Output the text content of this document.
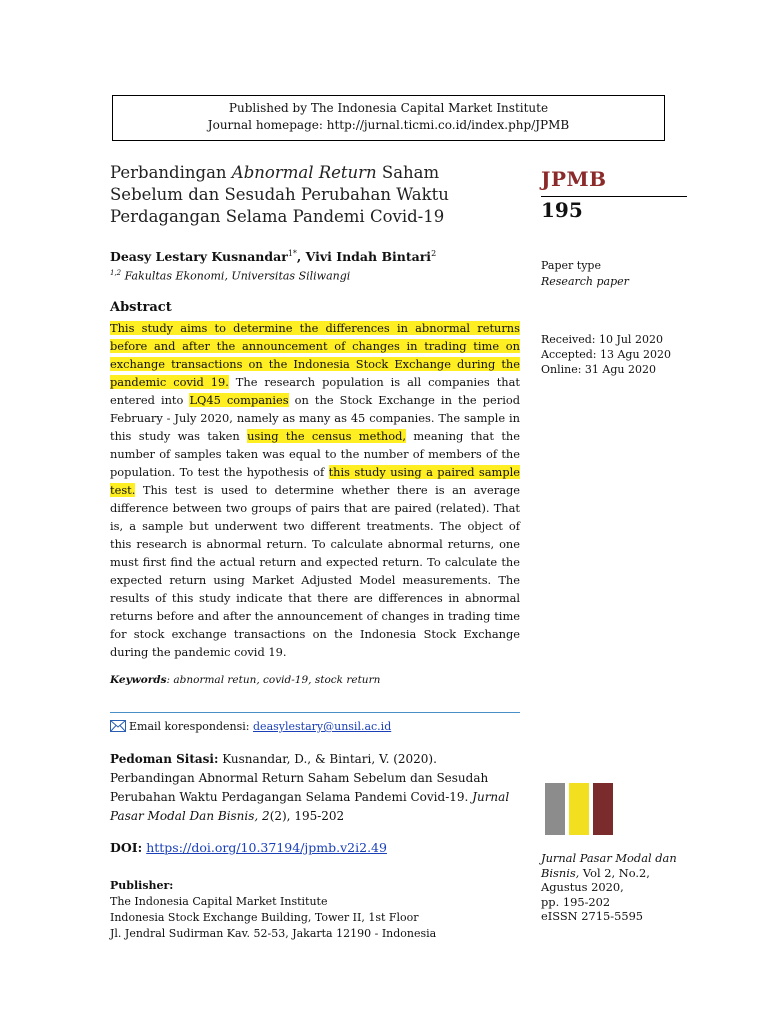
Published by The Indonesia Capital Market Institute
Journal homepage: http://jurnal.ticmi.co.id/index.php/JPMB
Perbandingan Abnormal Return Saham Sebelum dan Sesudah Perubahan Waktu Perdagangan Selama Pandemi Covid-19
Deasy Lestary Kusnandar$^{1*}$, Vivi Indah Bintari$^2$
$^{1,2}$ Fakultas Ekonomi, Universitas Siliwangi
Abstract
This study aims to determine the differences in abnormal returns before and after the announcement of changes in trading time on exchange transactions on the Indonesia Stock Exchange during the pandemic covid 19. The research population is all companies that entered into LQ45 companies on the Stock Exchange in the period February - July 2020, namely as many as 45 companies. The sample in this study was taken using the census method, meaning that the number of samples taken was equal to the number of members of the population. To test the hypothesis of this study using a paired sample test. This test is used to determine whether there is an average difference between two groups of pairs that are paired (related). That is, a sample but underwent two different treatments. The object of this research is abnormal return. To calculate abnormal returns, one must first find the actual return and expected return. To calculate the expected return using Market Adjusted Model measurements. The results of this study indicate that there are differences in abnormal returns before and after the announcement of changes in trading time for stock exchange transactions on the Indonesia Stock Exchange during the pandemic covid 19.
Keywords: abnormal retun, covid-19, stock return
Email korespondensi: deasylestary@unsil.ac.id
Pedoman Sitasi: Kusnandar, D., & Bintari, V. (2020). Perbandingan Abnormal Return Saham Sebelum dan Sesudah Perubahan Waktu Perdagangan Selama Pandemi Covid-19. Jurnal Pasar Modal Dan Bisnis, 2(2), 195-202
DOI: https://doi.org/10.37194/jpmb.v2i2.49
Publisher:
The Indonesia Capital Market Institute
Indonesia Stock Exchange Building, Tower II, 1st Floor
Jl. Jendral Sudirman Kav. 52-53, Jakarta 12190 - Indonesia
JPMB
195
Paper type
Research paper
Received: 10 Jul 2020
Accepted: 13 Agu 2020
Online: 31 Agu 2020
Jurnal Pasar Modal dan Bisnis, Vol 2, No.2,
Agustus 2020,
pp. 195-202
eISSN 2715-5595
